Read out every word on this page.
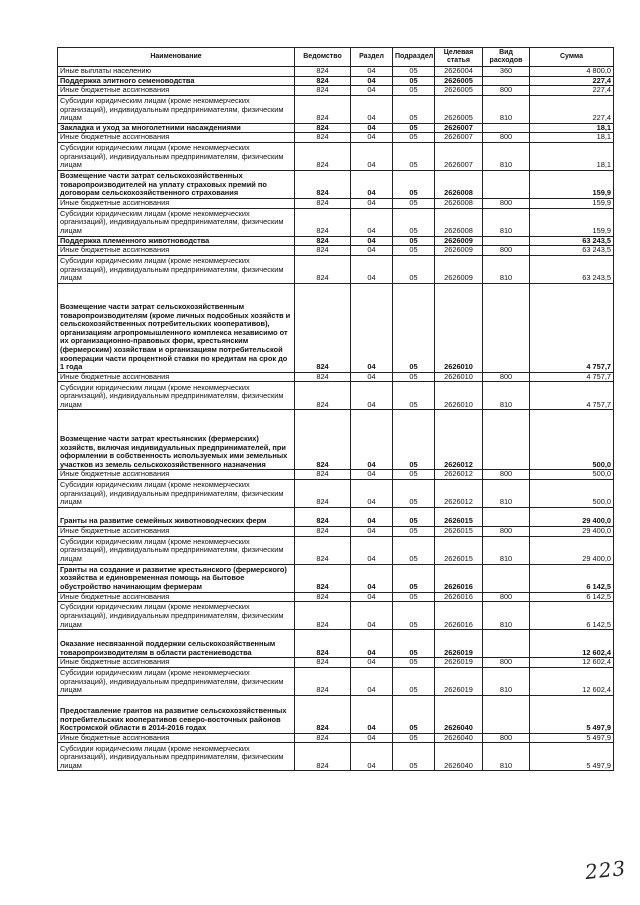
Наименование	Ведомство	Раздел	Подраздел	Целевая статья	Вид расходов	Сумма
Иные выплаты населению	824	04	05	2626004	360	4 800,0
Поддержка элитного семеноводства	824	04	05	2626005		227,4
Иные бюджетные ассигнования	824	04	05	2626005	800	227,4
Субсидии юридическим лицам (кроме некоммерческих организаций), индивидуальным предпринимателям, физическим лицам	824	04	05	2626005	810	227,4
Закладка и уход за многолетними насаждениями	824	04	05	2626007		18,1
Иные бюджетные ассигнования	824	04	05	2626007	800	18,1
Субсидии юридическим лицам (кроме некоммерческих организаций), индивидуальным предпринимателям, физическим лицам	824	04	05	2626007	810	18,1
Возмещение части затрат сельскохозяйственных товаропроизводителей на уплату страховых премий по договорам сельскохозяйственного страхования	824	04	05	2626008		159,9
Иные бюджетные ассигнования	824	04	05	2626008	800	159,9
Субсидии юридическим лицам (кроме некоммерческих организаций), индивидуальным предпринимателям, физическим лицам	824	04	05	2626008	810	159,9
Поддержка племенного животноводства	824	04	05	2626009		63 243,5
Иные бюджетные ассигнования	824	04	05	2626009	800	63 243,5
Субсидии юридическим лицам (кроме некоммерческих организаций), индивидуальным предпринимателям, физическим лицам	824	04	05	2626009	810	63 243,5
Возмещение части затрат сельскохозяйственным товаропроизводителям (кроме личных подсобных хозяйств и сельскохозяйственных потребительских кооперативов), организациям агропромышленного комплекса независимо от их организационно-правовых форм, крестьянским (фермерским) хозяйствам и организациям потребительской кооперации части процентной ставки по кредитам на срок до 1 года	824	04	05	2626010		4 757,7
Иные бюджетные ассигнования	824	04	05	2626010	800	4 757,7
Субсидии юридическим лицам (кроме некоммерческих организаций), индивидуальным предпринимателям, физическим лицам	824	04	05	2626010	810	4 757,7
Возмещение части затрат крестьянских (фермерских) хозяйств, включая индивидуальных предпринимателей, при оформлении в собственность используемых ими земельных участков из земель сельскохозяйственного назначения	824	04	05	2626012		500,0
Иные бюджетные ассигнования	824	04	05	2626012	800	500,0
Субсидии юридическим лицам (кроме некоммерческих организаций), индивидуальным предпринимателям, физическим лицам	824	04	05	2626012	810	500,0
Гранты на развитие семейных животноводческих ферм	824	04	05	2626015		29 400,0
Иные бюджетные ассигнования	824	04	05	2626015	800	29 400,0
Субсидии юридическим лицам (кроме некоммерческих организаций), индивидуальным предпринимателям, физическим лицам	824	04	05	2626015	810	29 400,0
Гранты на создание и развитие крестьянского (фермерского) хозяйства и единовременная помощь на бытовое обустройство начинающим фермерам	824	04	05	2626016		6 142,5
Иные бюджетные ассигнования	824	04	05	2626016	800	6 142,5
Субсидии юридическим лицам (кроме некоммерческих организаций), индивидуальным предпринимателям, физическим лицам	824	04	05	2626016	810	6 142,5
Оказание несвязанной поддержки сельскохозяйственным товаропроизводителям в области растениеводства	824	04	05	2626019		12 602,4
Иные бюджетные ассигнования	824	04	05	2626019	800	12 602,4
Субсидии юридическим лицам (кроме некоммерческих организаций), индивидуальным предпринимателям, физическим лицам	824	04	05	2626019	810	12 602,4
Предоставление грантов на развитие сельскохозяйственных потребительских кооперативов северо-восточных районов Костромской области в 2014-2016 годах	824	04	05	2626040		5 497,9
Иные бюджетные ассигнования	824	04	05	2626040	800	5 497,9
Субсидии юридическим лицам (кроме некоммерческих организаций), индивидуальным предпринимателям, физическим лицам	824	04	05	2626040	810	5 497,9
223
